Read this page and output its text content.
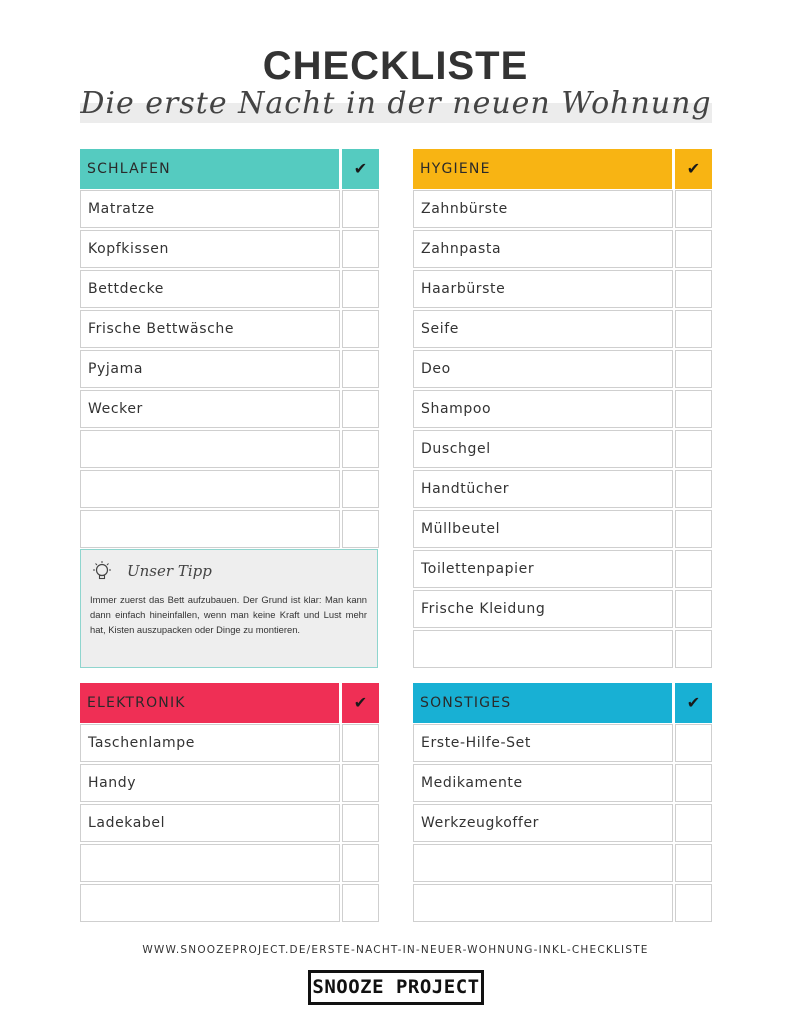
CHECKLISTE
Die erste Nacht in der neuen Wohnung
SCHLAFEN	✔
Matratze
Kopfkissen
Bettdecke
Frische Bettwäsche
Pyjama
Wecker
HYGIENE	✔
Zahnbürste
Zahnpasta
Haarbürste
Seife
Deo
Shampoo
Duschgel
Handtücher
Müllbeutel
Toilettenpapier
Frische Kleidung
ELEKTRONIK	✔
Taschenlampe
Handy
Ladekabel
SONSTIGES	✔
Erste-Hilfe-Set
Medikamente
Werkzeugkoffer
Unser Tipp
Immer zuerst das Bett aufzubauen. Der Grund ist klar: Man kann dann einfach hineinfallen, wenn man keine Kraft und Lust mehr hat, Kisten auszupacken oder Dinge zu montieren.
WWW.SNOOZEPROJECT.DE/ERSTE-NACHT-IN-NEUER-WOHNUNG-INKL-CHECKLISTE
SNOOZE PROJECT
